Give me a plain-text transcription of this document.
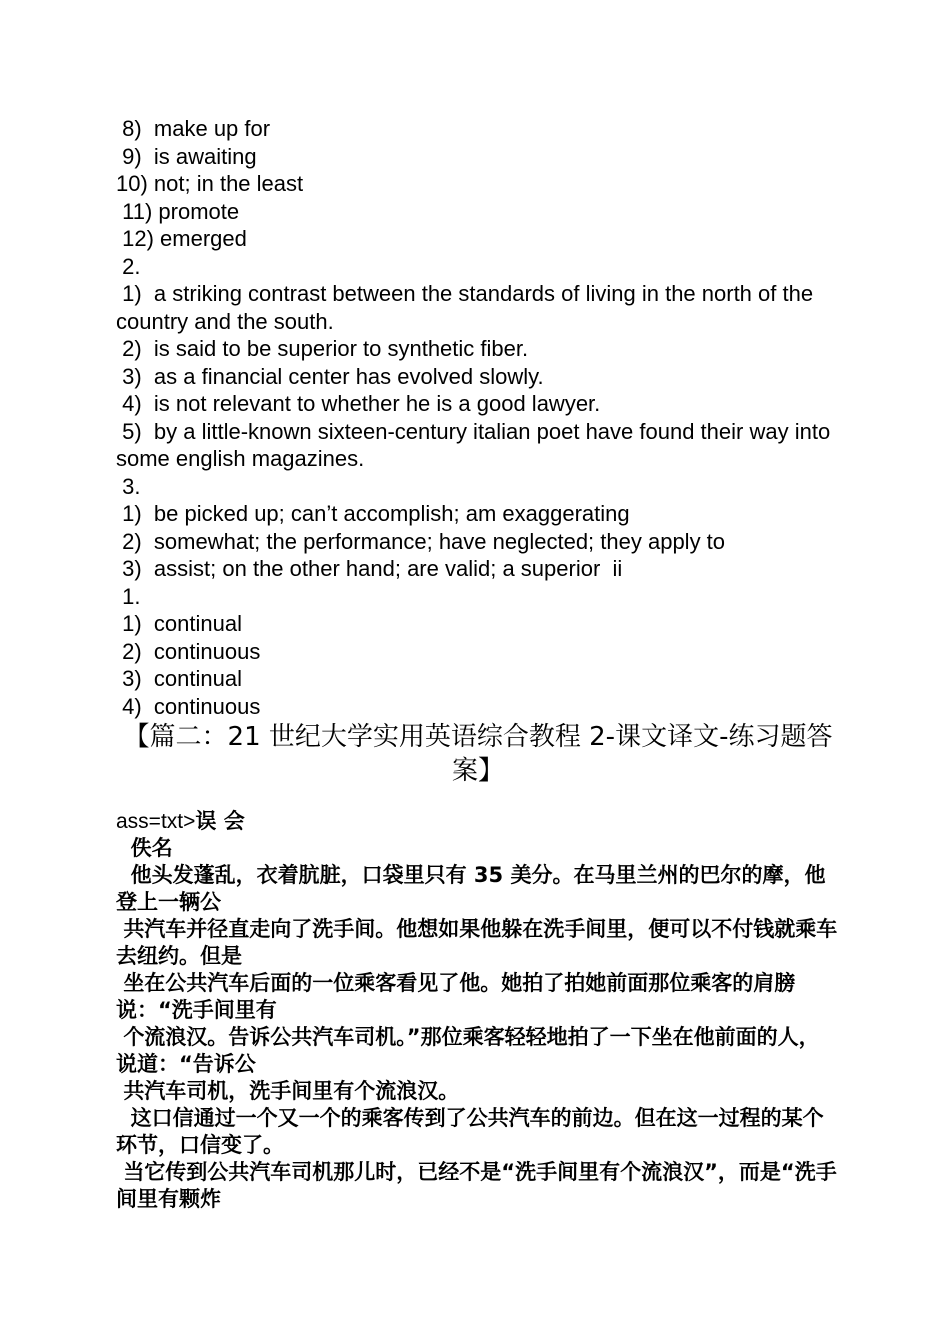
8)  make up for

9)  is awaiting

10) not; in the least

11) promote

12) emerged

2.

1)  a striking contrast between the standards of living in the north of the country and the south.

2)  is said to be superior to synthetic fiber.

3)  as a financial center has evolved slowly.

4)  is not relevant to whether he is a good lawyer.

5)  by a little-known sixteen-century italian poet have found their way into some english magazines.

3.

1)  be picked up; can’t accomplish; am exaggerating

2)  somewhat; the performance; have neglected; they apply to

3)  assist; on the other hand; are valid; a superior  ii

1.

1)  continual

2)  continuous

3)  continual

4)  continuous

【篇二：21 世纪大学实用英语综合教程 2-课文译文-练习题答案】

ass=txt>误 会

佚名

他头发蓬乱，衣着肮脏，口袋里只有 35 美分。在马里兰州的巴尔的摩，他登上一辆公

共汽车并径直走向了洗手间。他想如果他躲在洗手间里，便可以不付钱就乘车去纽约。但是

坐在公共汽车后面的一位乘客看见了他。她拍了拍她前面那位乘客的肩膀说：“洗手间里有

个流浪汉。告诉公共汽车司机。”那位乘客轻轻地拍了一下坐在他前面的人，说道：“告诉公

共汽车司机，洗手间里有个流浪汉。

这口信通过一个又一个的乘客传到了公共汽车的前边。但在这一过程的某个环节，口信变了。

当它传到公共汽车司机那儿时，已经不是“洗手间里有个流浪汉”，而是“洗手间里有颗炸
